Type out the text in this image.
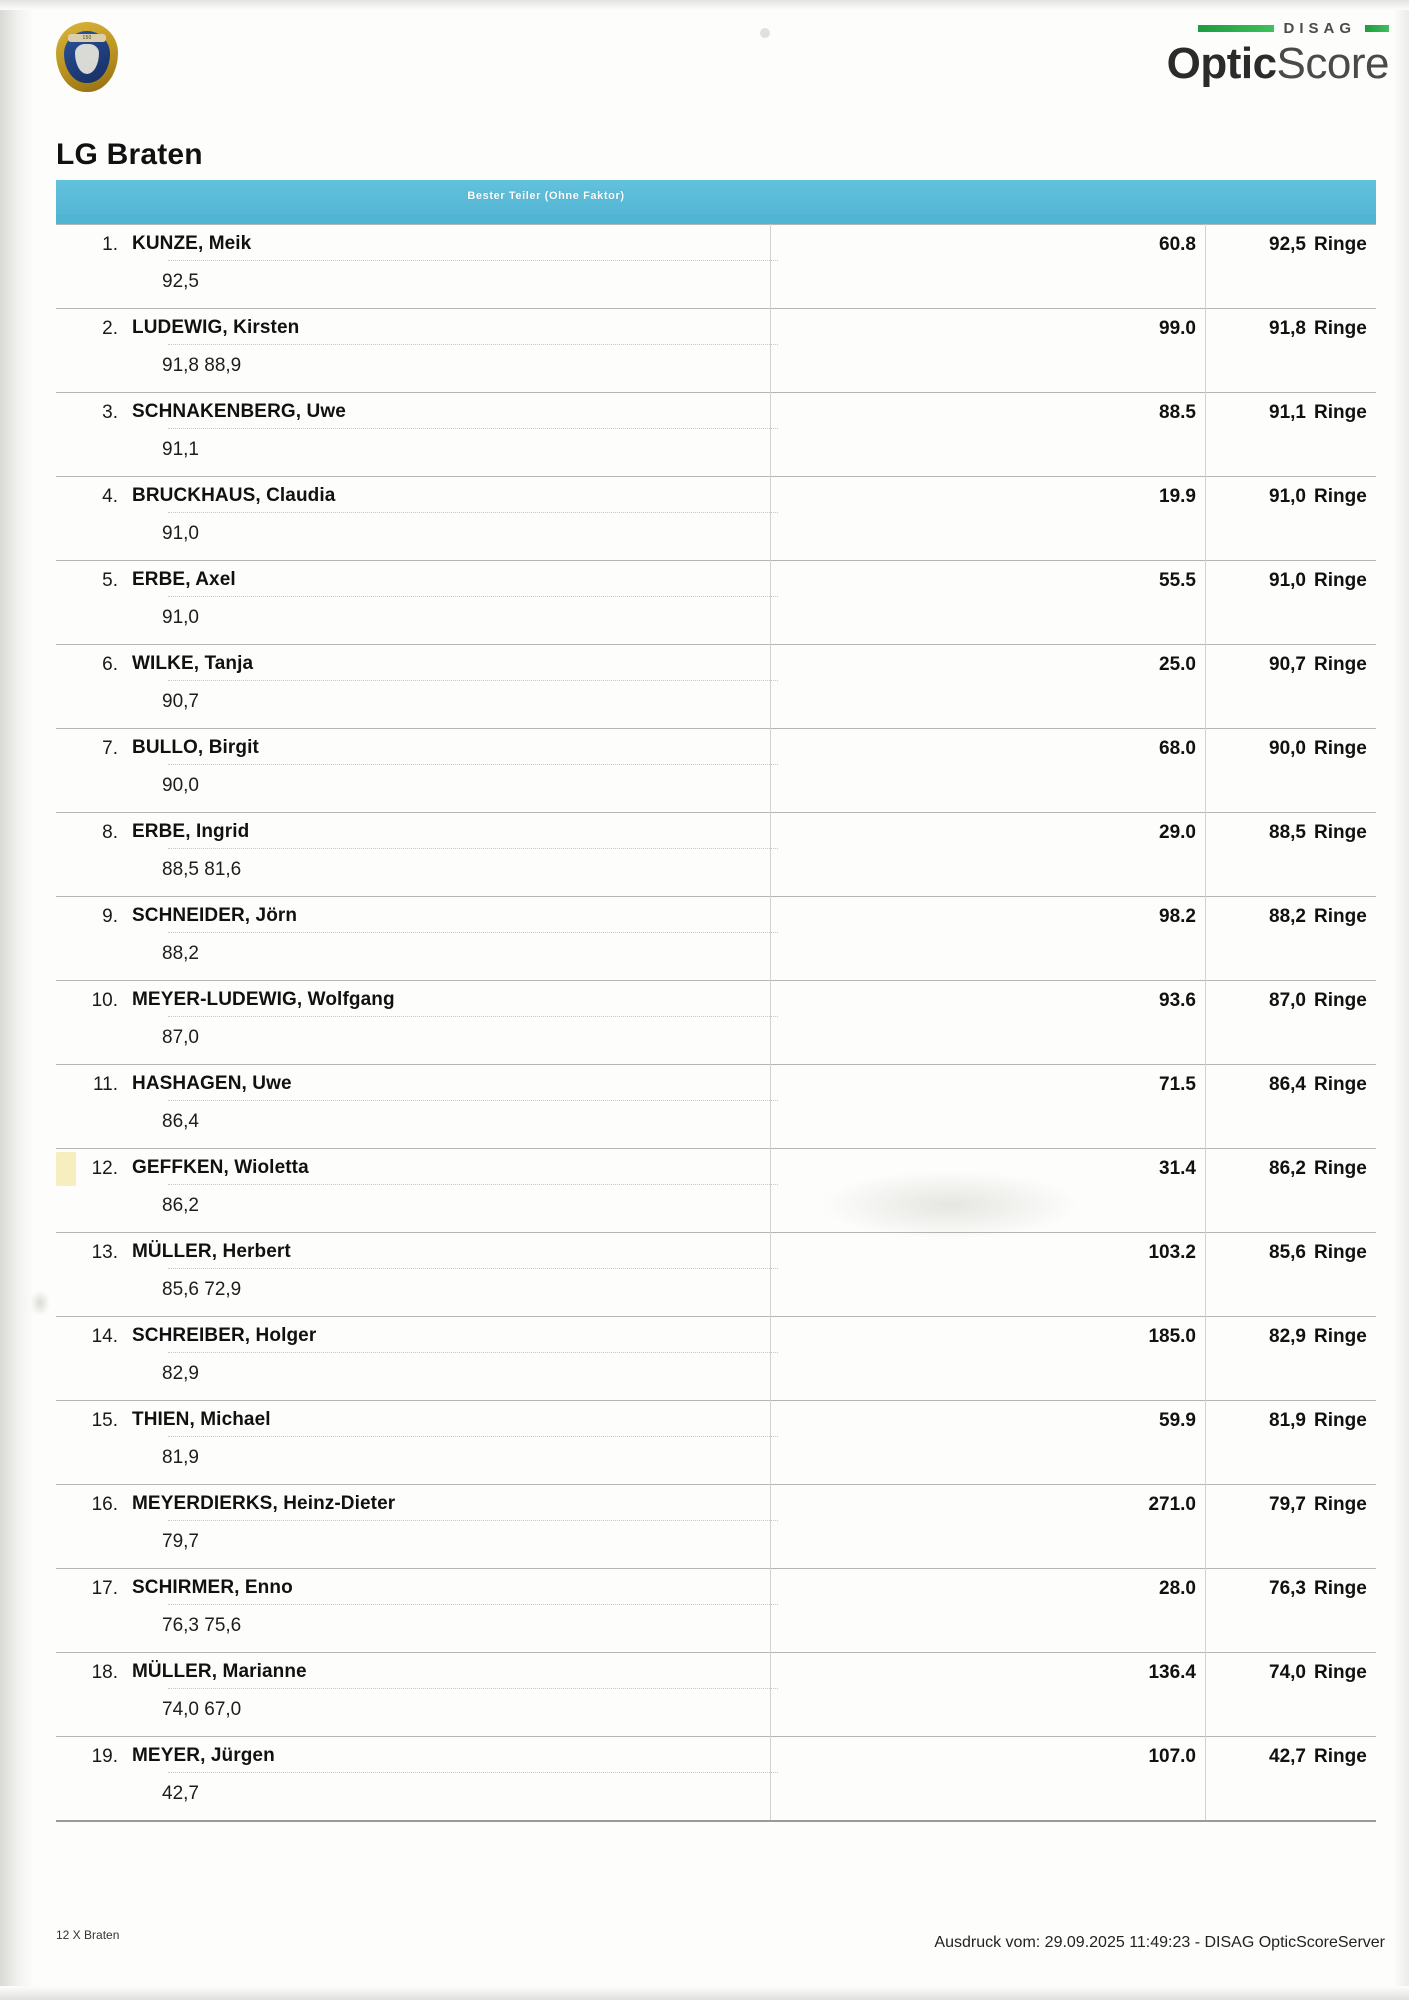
150
DISAG
OpticScore
LG Braten
Bester Teiler (Ohne Faktor)
1. KUNZE, Meik	60.8	92,5 Ringe
92,5
2. LUDEWIG, Kirsten	99.0	91,8 Ringe
91,8 88,9
3. SCHNAKENBERG, Uwe	88.5	91,1 Ringe
91,1
4. BRUCKHAUS, Claudia	19.9	91,0 Ringe
91,0
5. ERBE, Axel	55.5	91,0 Ringe
91,0
6. WILKE, Tanja	25.0	90,7 Ringe
90,7
7. BULLO, Birgit	68.0	90,0 Ringe
90,0
8. ERBE, Ingrid	29.0	88,5 Ringe
88,5 81,6
9. SCHNEIDER, Jörn	98.2	88,2 Ringe
88,2
10. MEYER-LUDEWIG, Wolfgang	93.6	87,0 Ringe
87,0
11. HASHAGEN, Uwe	71.5	86,4 Ringe
86,4
12. GEFFKEN, Wioletta	31.4	86,2 Ringe
86,2
13. MÜLLER, Herbert	103.2	85,6 Ringe
85,6 72,9
14. SCHREIBER, Holger	185.0	82,9 Ringe
82,9
15. THIEN, Michael	59.9	81,9 Ringe
81,9
16. MEYERDIERKS, Heinz-Dieter	271.0	79,7 Ringe
79,7
17. SCHIRMER, Enno	28.0	76,3 Ringe
76,3 75,6
18. MÜLLER, Marianne	136.4	74,0 Ringe
74,0 67,0
19. MEYER, Jürgen	107.0	42,7 Ringe
42,7
12 X Braten	Ausdruck vom: 29.09.2025 11:49:23 - DISAG OpticScoreServer
